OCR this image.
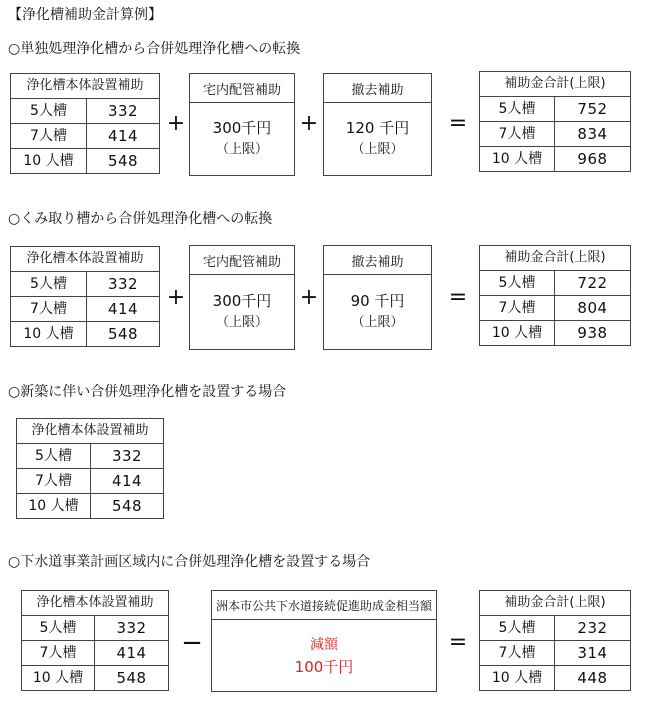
【浄化槽補助金計算例】
○単独処理浄化槽から合併処理浄化槽への転換
浄化槽本体設置補助	
5人槽	332
7人槽	414
10 人槽	548
+
宅内配管補助
300千円
（上限）
+
撤去補助
120 千円
（上限）
=
補助金合計(上限)	
5人槽	752
7人槽	834
10 人槽	968
○くみ取り槽から合併処理浄化槽への転換
浄化槽本体設置補助	
5人槽	332
7人槽	414
10 人槽	548
+
宅内配管補助
300千円
（上限）
+
撤去補助
90 千円
（上限）
=
補助金合計(上限)	
5人槽	722
7人槽	804
10 人槽	938
○新築に伴い合併処理浄化槽を設置する場合
浄化槽本体設置補助	
5人槽	332
7人槽	414
10 人槽	548
○下水道事業計画区域内に合併処理浄化槽を設置する場合
浄化槽本体設置補助	
5人槽	332
7人槽	414
10 人槽	548
−
洲本市公共下水道接続促進助成金相当額
減額
100千円
=
補助金合計(上限)	
5人槽	232
7人槽	314
10 人槽	448
